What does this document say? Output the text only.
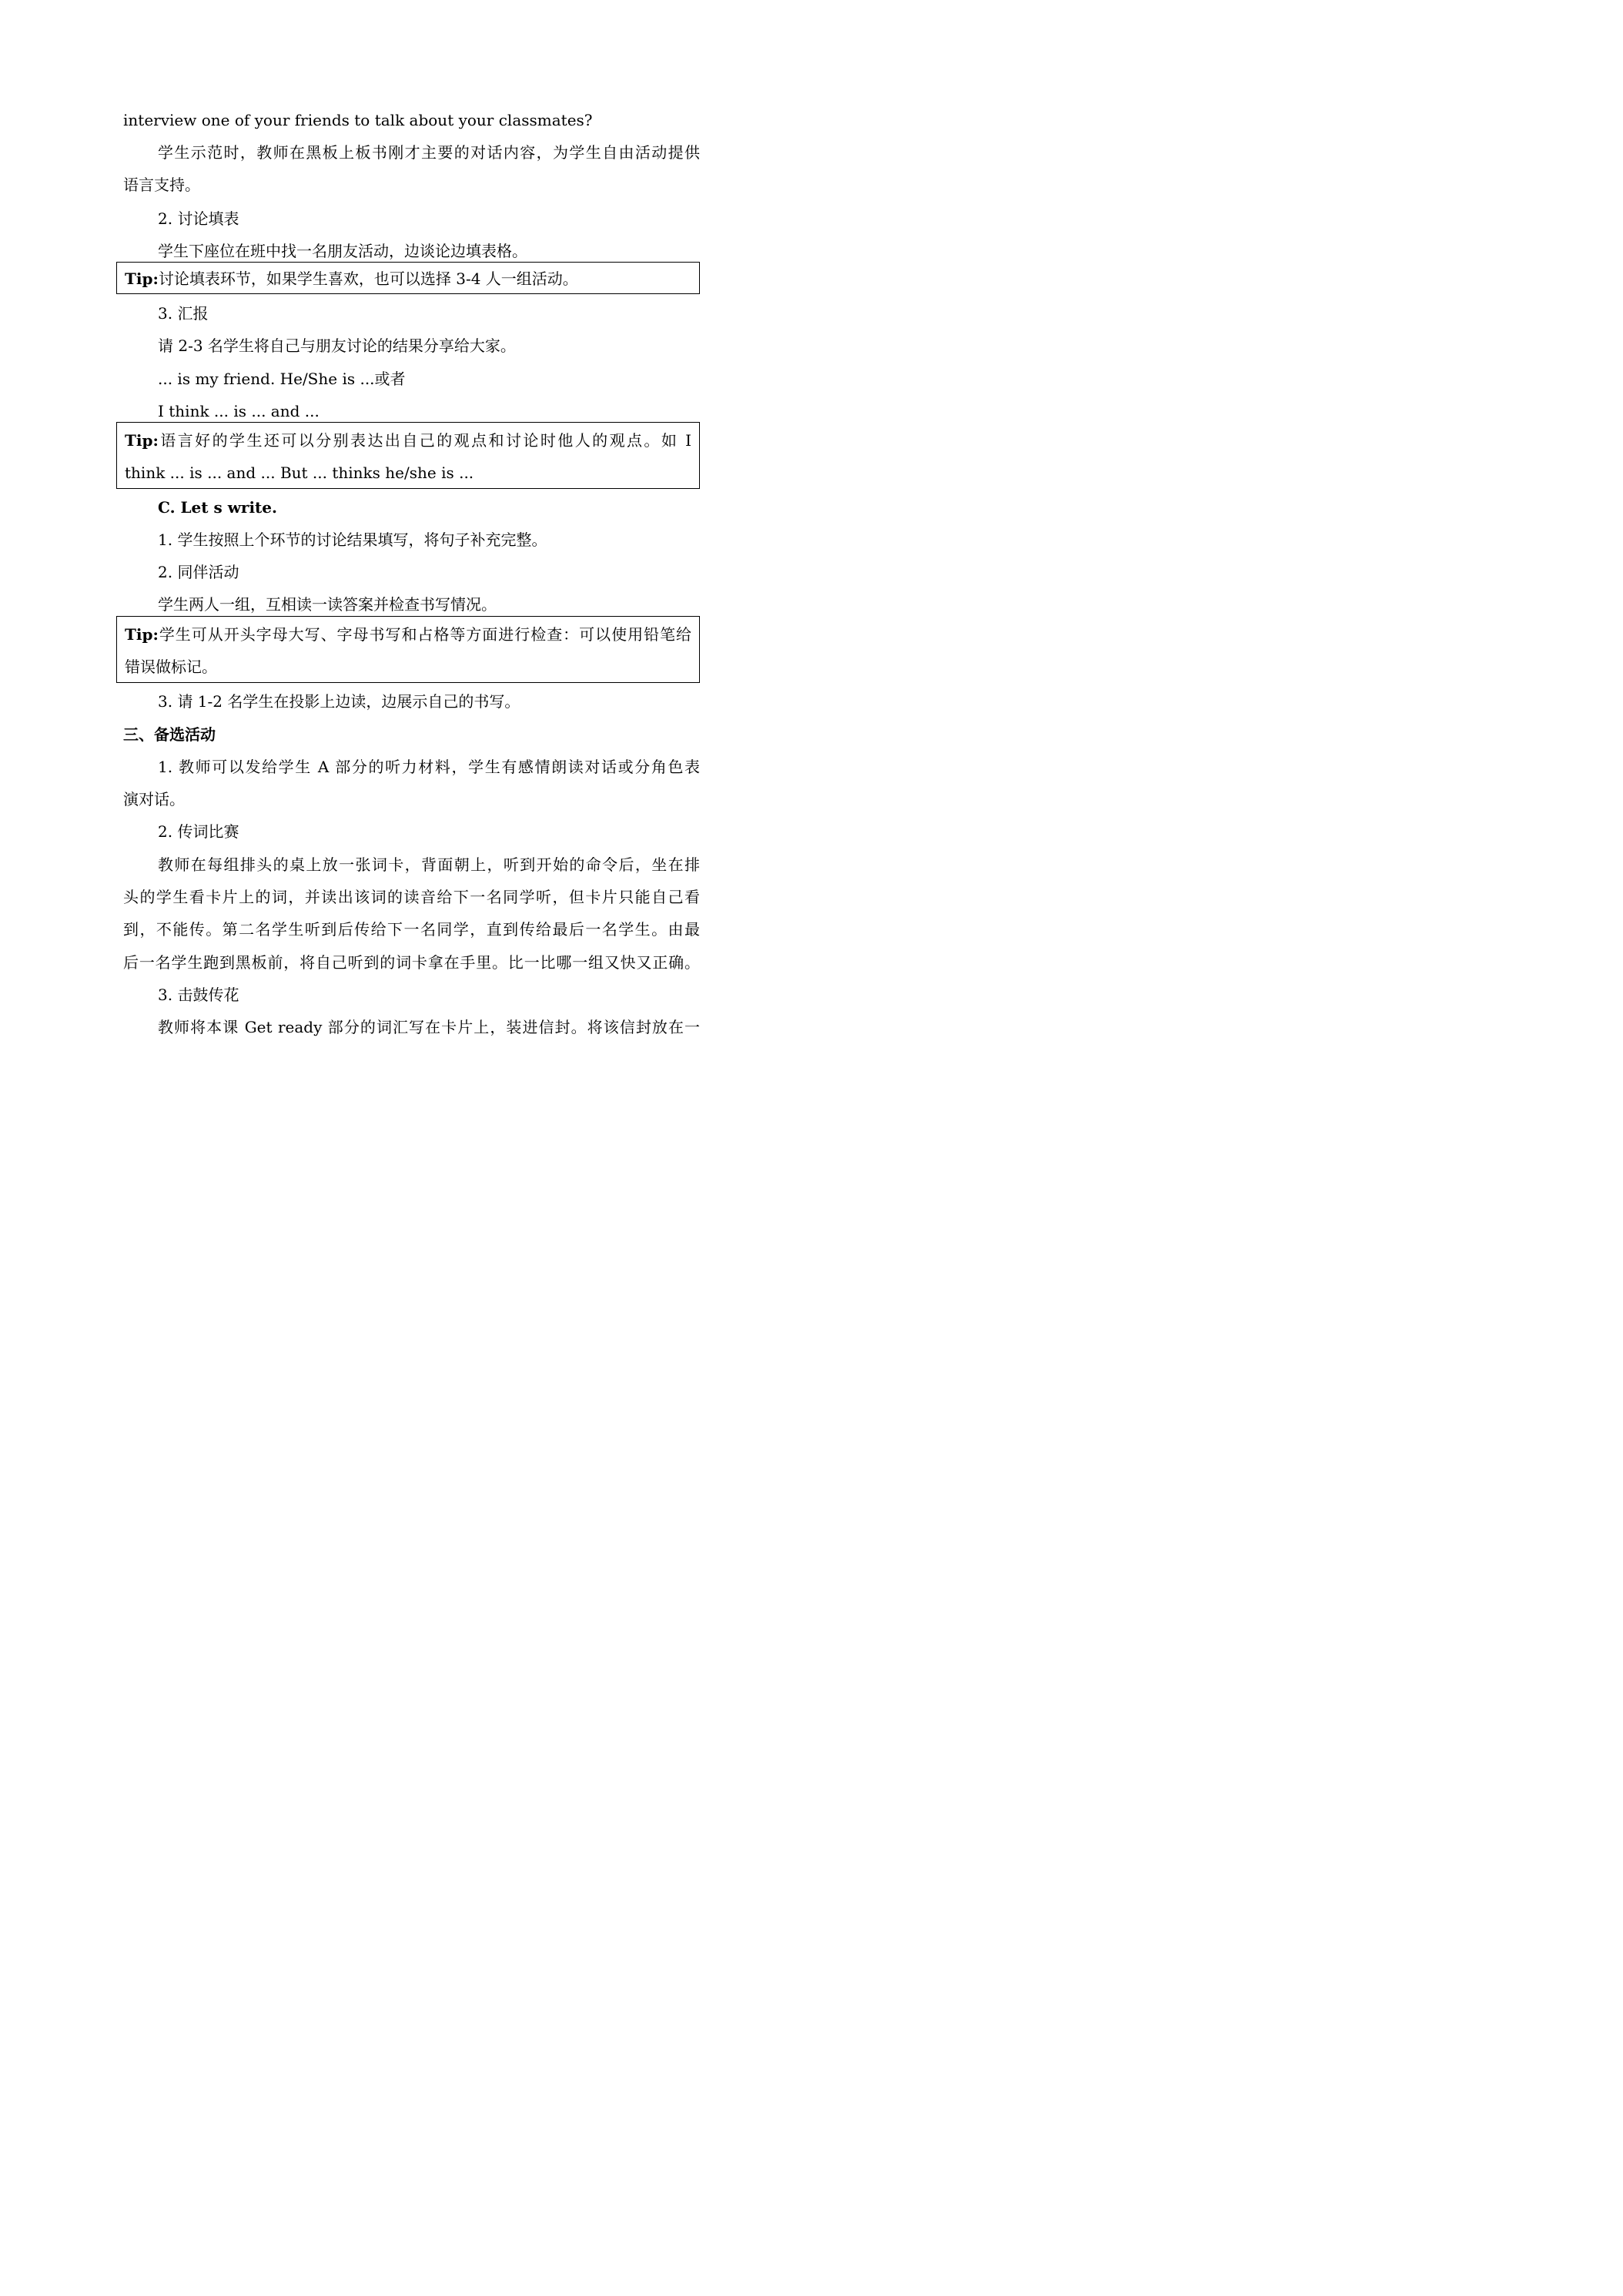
interview one of your friends to talk about your classmates?
学生示范时，教师在黑板上板书刚才主要的对话内容，为学生自由活动提供
语言支持。
2. 讨论填表
学生下座位在班中找一名朋友活动，边谈论边填表格。
Tip:讨论填表环节，如果学生喜欢，也可以选择 3-4 人一组活动。
3. 汇报
请 2-3 名学生将自己与朋友讨论的结果分享给大家。
... is my friend. He/She is ...或者
I think ... is ... and ...
Tip:语言好的学生还可以分别表达出自己的观点和讨论时他人的观点。如 I
think ... is ... and ... But ... thinks he/she is ...
C. Let s write.
1. 学生按照上个环节的讨论结果填写，将句子补充完整。
2. 同伴活动
学生两人一组，互相读一读答案并检查书写情况。
Tip:学生可从开头字母大写、字母书写和占格等方面进行检查：可以使用铅笔给
错误做标记。
3. 请 1-2 名学生在投影上边读，边展示自己的书写。
三、备选活动
1. 教师可以发给学生 A 部分的听力材料，学生有感情朗读对话或分角色表
演对话。
2. 传词比赛
教师在每组排头的桌上放一张词卡，背面朝上，听到开始的命令后，坐在排
头的学生看卡片上的词，并读出该词的读音给下一名同学听，但卡片只能自己看
到，不能传。第二名学生听到后传给下一名同学，直到传给最后一名学生。由最
后一名学生跑到黑板前，将自己听到的词卡拿在手里。比一比哪一组又快又正确。
3. 击鼓传花
教师将本课 Get ready 部分的词汇写在卡片上，装进信封。将该信封放在一
